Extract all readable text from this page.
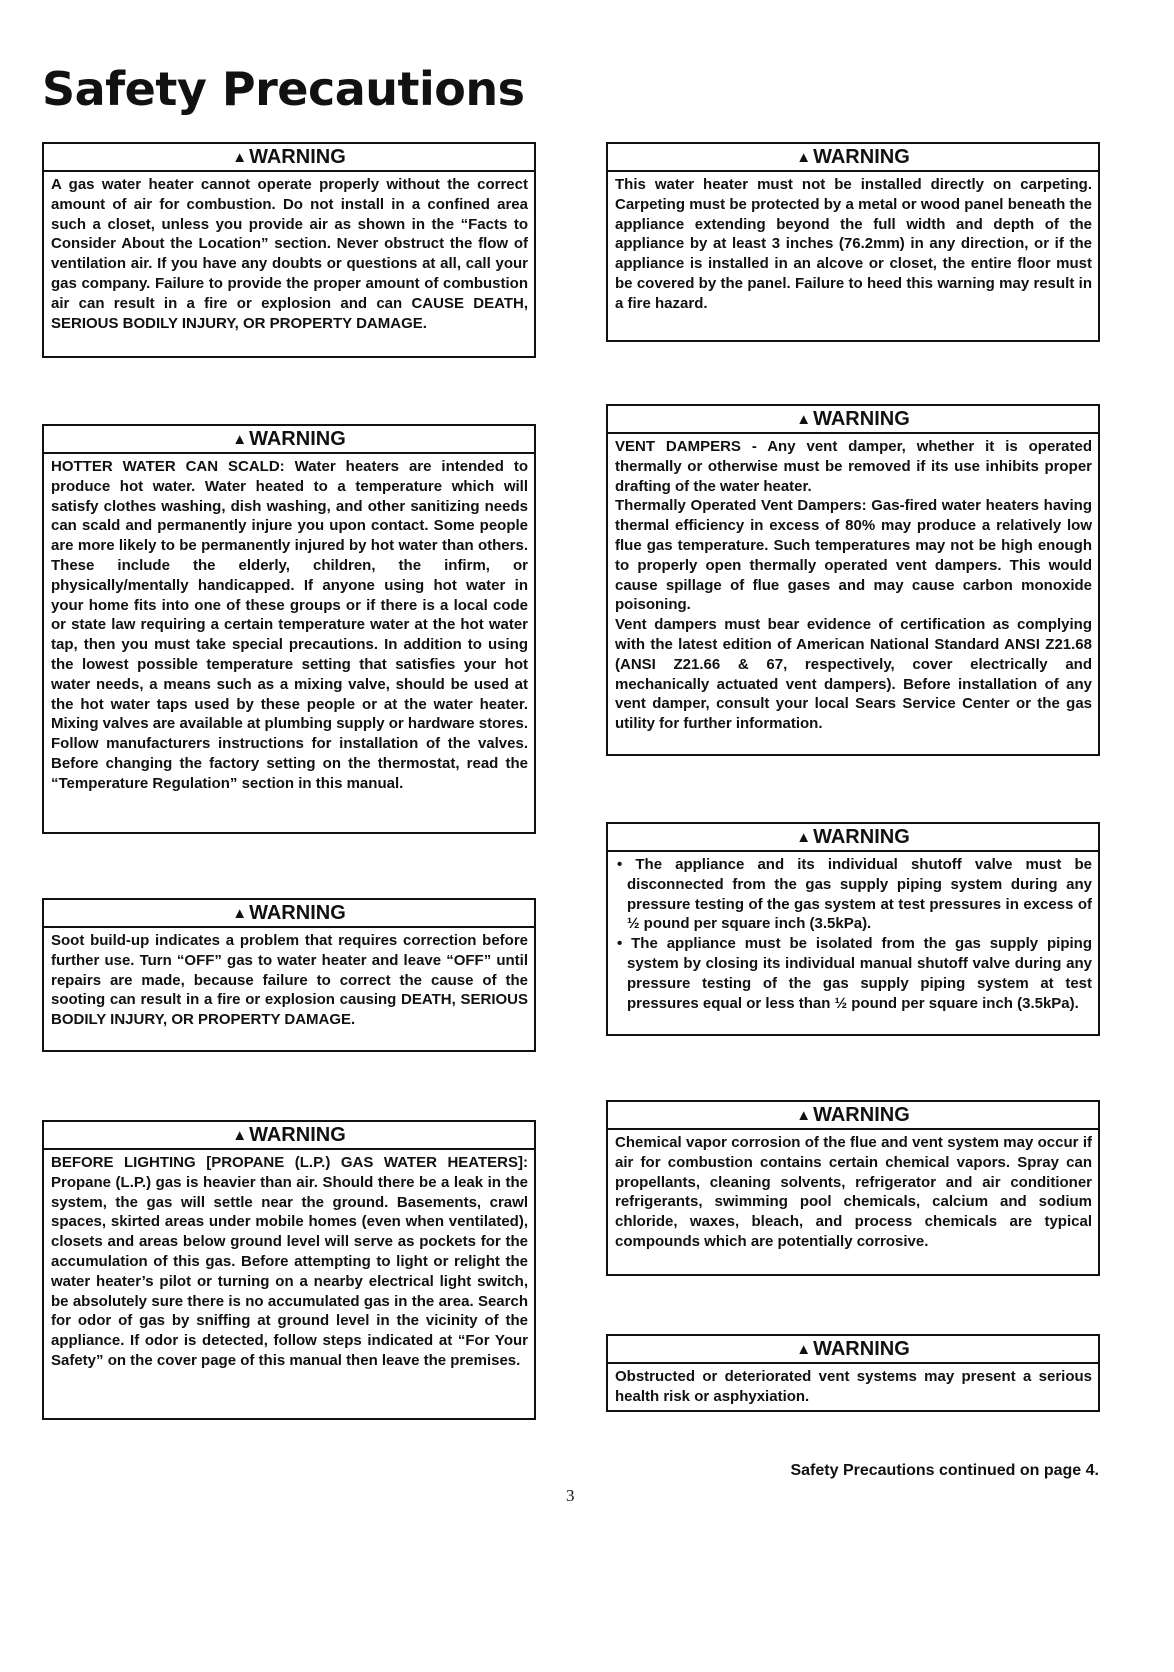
Safety Precautions
▲ WARNING

A gas water heater cannot operate properly without the correct amount of air for combustion. Do not install in a confined area such a closet, unless you provide air as shown in the “Facts to Consider About the Location” section. Never obstruct the flow of ventilation air. If you have any doubts or questions at all, call your gas company. Failure to provide the proper amount of combustion air can result in a fire or explosion and can CAUSE DEATH, SERIOUS BODILY INJURY, OR PROPERTY DAMAGE.

▲ WARNING

HOTTER WATER CAN SCALD: Water heaters are intended to produce hot water. Water heated to a temperature which will satisfy clothes washing, dish washing, and other sanitizing needs can scald and permanently injure you upon contact. Some people are more likely to be permanently injured by hot water than others. These include the elderly, children, the infirm, or physically/mentally handicapped. If anyone using hot water in your home fits into one of these groups or if there is a local code or state law requiring a certain temperature water at the hot water tap, then you must take special precautions. In addition to using the lowest possible temperature setting that satisfies your hot water needs, a means such as a mixing valve, should be used at the hot water taps used by these people or at the water heater. Mixing valves are available at plumbing supply or hardware stores. Follow manufacturers instructions for installation of the valves. Before changing the factory setting on the thermostat, read the “Temperature Regulation” section in this manual.

▲ WARNING

Soot build-up indicates a problem that requires correction before further use. Turn “OFF” gas to water heater and leave “OFF” until repairs are made, because failure to correct the cause of the sooting can result in a fire or explosion causing DEATH, SERIOUS BODILY INJURY, OR PROPERTY DAMAGE.

▲ WARNING

BEFORE LIGHTING [PROPANE (L.P.) GAS WATER HEATERS]: Propane (L.P.) gas is heavier than air. Should there be a leak in the system, the gas will settle near the ground. Basements, crawl spaces, skirted areas under mobile homes (even when ventilated), closets and areas below ground level will serve as pockets for the accumulation of this gas. Before attempting to light or relight the water heater’s pilot or turning on a nearby electrical light switch, be absolutely sure there is no accumulated gas in the area. Search for odor of gas by sniffing at ground level in the vicinity of the appliance. If odor is detected, follow steps indicated at “For Your Safety” on the cover page of this manual then leave the premises.

▲ WARNING

This water heater must not be installed directly on carpeting. Carpeting must be protected by a metal or wood panel beneath the appliance extending beyond the full width and depth of the appliance by at least 3 inches (76.2mm) in any direction, or if the appliance is installed in an alcove or closet, the entire floor must be covered by the panel. Failure to heed this warning may result in a fire hazard.

▲ WARNING

VENT DAMPERS - Any vent damper, whether it is operated thermally or otherwise must be removed if its use inhibits proper drafting of the water heater.

Thermally Operated Vent Dampers: Gas-fired water heaters having thermal efficiency in excess of 80% may produce a relatively low flue gas temperature. Such temperatures may not be high enough to properly open thermally operated vent dampers. This would cause spillage of flue gases and may cause carbon monoxide poisoning.

Vent dampers must bear evidence of certification as complying with the latest edition of American National Standard ANSI Z21.68 (ANSI Z21.66 & 67, respectively, cover electrically and mechanically actuated vent dampers). Before installation of any vent damper, consult your local Sears Service Center or the gas utility for further information.

▲ WARNING
• The appliance and its individual shutoff valve must be disconnected from the gas supply piping system during any pressure testing of the gas system at test pressures in excess of ½ pound per square inch (3.5kPa).
• The appliance must be isolated from the gas supply piping system by closing its individual manual shutoff valve during any pressure testing of the gas supply piping system at test pressures equal or less than ½ pound per square inch (3.5kPa).
▲ WARNING

Chemical vapor corrosion of the flue and vent system may occur if air for combustion contains certain chemical vapors. Spray can propellants, cleaning solvents, refrigerator and air conditioner refrigerants, swimming pool chemicals, calcium and sodium chloride, waxes, bleach, and process chemicals are typical compounds which are potentially corrosive.

▲ WARNING

Obstructed or deteriorated vent systems may present a serious health risk or asphyxiation.

Safety Precautions continued on page 4.
3
